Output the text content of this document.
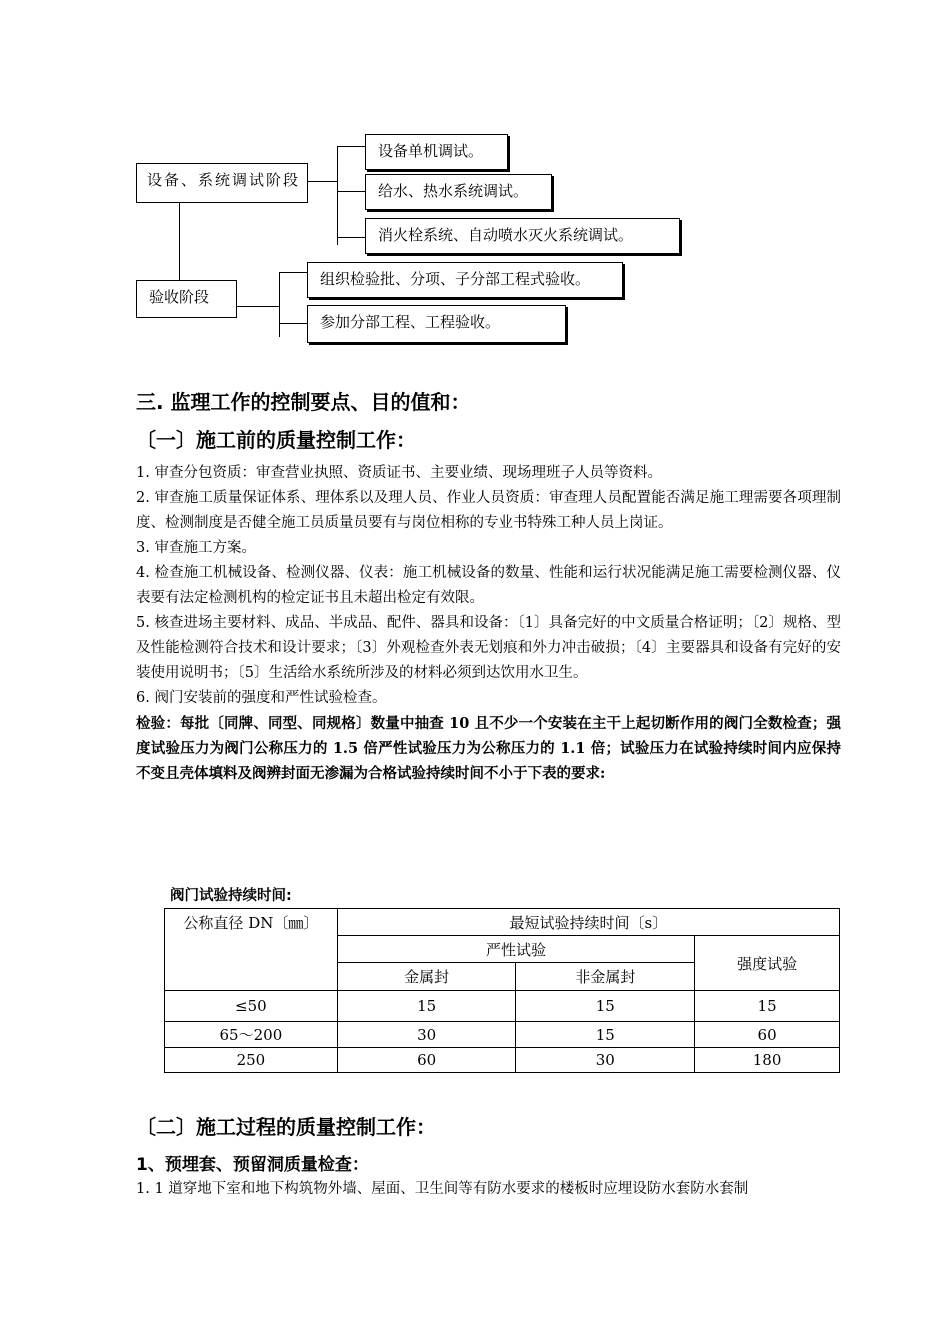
设备、系统调试阶段
设备单机调试。
给水、热水系统调试。
消火栓系统、自动喷水灭火系统调试。
验收阶段
组织检验批、分项、子分部工程式验收。
参加分部工程、工程验收。
三. 监理工作的控制要点、目的值和：
〔一〕施工前的质量控制工作：

1. 审查分包资质：审查营业执照、资质证书、主要业绩、现场理班子人员等资料。

2. 审查施工质量保证体系、理体系以及理人员、作业人员资质：审查理人员配置能否满足施工理需要各项理制度、检测制度是否健全施工员质量员要有与岗位相称的专业书特殊工种人员上岗证。

3. 审查施工方案。

4. 检查施工机械设备、检测仪器、仪表：施工机械设备的数量、性能和运行状况能满足施工需要检测仪器、仪表要有法定检测机构的检定证书且未超出检定有效限。

5. 核查进场主要材料、成品、半成品、配件、器具和设备：〔1〕具备完好的中文质量合格证明；〔2〕规格、型及性能检测符合技术和设计要求；〔3〕外观检查外表无划痕和外力冲击破损；〔4〕主要器具和设备有完好的安装使用说明书；〔5〕生活给水系统所涉及的材料必须到达饮用水卫生。

6. 阀门安装前的强度和严性试验检查。

检验：每批〔同牌、同型、同规格〕数量中抽查 10 且不少一个安装在主干上起切断作用的阀门全数检查；强度试验压力为阀门公称压力的 1.5 倍严性试验压力为公称压力的 1.1 倍；试验压力在试验持续时间内应保持不变且壳体填料及阀辨封面无渗漏为合格试验持续时间不小于下表的要求:

阀门试验持续时间:
公称直径 DN〔㎜〕	最短试验持续时间〔s〕		
	严性试验		强度试验
	金属封	非金属封	
≤50	15	15	15
65～200	30	15	60
250	60	30	180
〔二〕施工过程的质量控制工作：
1、预埋套、预留洞质量检查：
1. 1 道穿地下室和地下构筑物外墙、屋面、卫生间等有防水要求的楼板时应埋设防水套防水套制
